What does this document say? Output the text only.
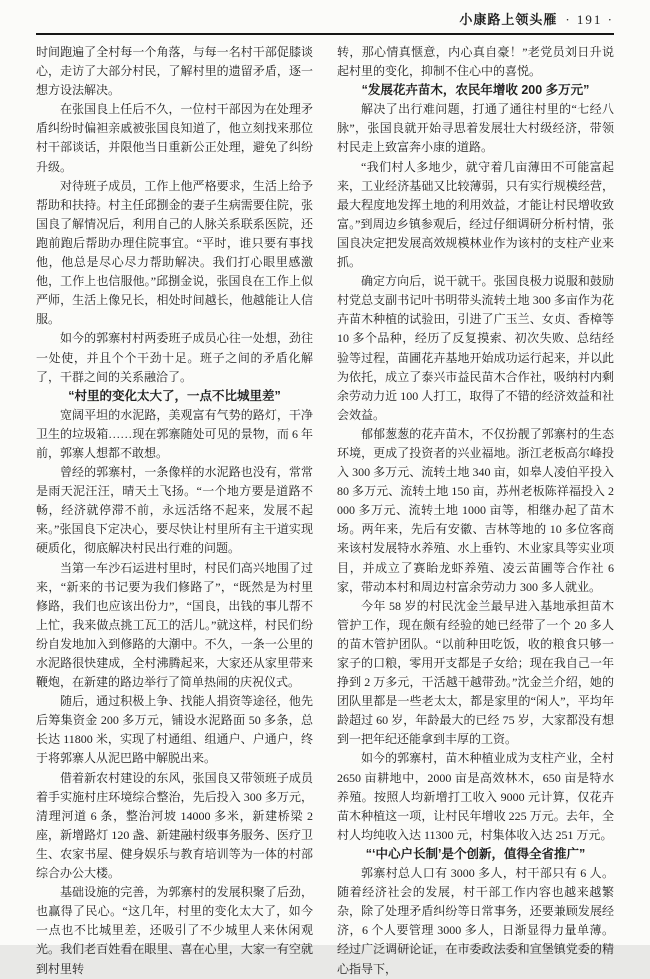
小康路上领头雁 · 191 ·

时间跑遍了全村每一个角落，与每一名村干部促膝谈心，走访了大部分村民，了解村里的遗留矛盾，逐一想方设法解决。

在张国良上任后不久，一位村干部因为在处理矛盾纠纷时偏袒亲戚被张国良知道了，他立刻找来那位村干部谈话，并限他当日重新公正处理，避免了纠纷升级。

对待班子成员，工作上他严格要求，生活上给予帮助和扶持。村主任邱捌金的妻子生病需要住院，张国良了解情况后，利用自己的人脉关系联系医院，还跑前跑后帮助办理住院事宜。“平时，谁只要有事找他，他总是尽心尽力帮助解决。我们打心眼里感激他，工作上也信服他。”邱捌金说，张国良在工作上似严师，生活上像兄长，相处时间越长，他越能让人信服。

如今的郭寨村村两委班子成员心往一处想，劲往一处使，并且个个干劲十足。班子之间的矛盾化解了，干群之间的关系融洽了。

“村里的变化太大了，一点不比城里差”

宽阔平坦的水泥路，美观富有气势的路灯，干净卫生的垃圾箱……现在郭寨随处可见的景物，而 6 年前，郭寨人想都不敢想。

曾经的郭寨村，一条像样的水泥路也没有，常常是雨天泥汪汪，晴天土飞扬。“一个地方要是道路不畅，经济就停滞不前，永远活络不起来，发展不起来。”张国良下定决心，要尽快让村里所有主干道实现硬质化，彻底解决村民出行难的问题。

当第一车沙石运进村里时，村民们高兴地围了过来，“新来的书记要为我们修路了”，“既然是为村里修路，我们也应该出份力”，“国良，出钱的事儿帮不上忙，我来做点挑工瓦工的活儿。”就这样，村民们纷纷自发地加入到修路的大潮中。不久，一条一公里的水泥路很快建成，全村沸腾起来，大家还从家里带来鞭炮，在新建的路边举行了简单热闹的庆祝仪式。

随后，通过积极上争、找能人捐资等途径，他先后筹集资金 200 多万元，铺设水泥路面 50 多条，总长达 11800 米，实现了村通组、组通户、户通户，终于将郭寨人从泥巴路中解脱出来。

借着新农村建设的东风，张国良又带领班子成员着手实施村庄环境综合整治，先后投入 300 多万元，清理河道 6 条，整治河坡 14000 多米，新建桥梁 2 座，新增路灯 120 盏、新建融村级事务服务、医疗卫生、农家书屋、健身娱乐与教育培训等为一体的村部综合办公大楼。

基础设施的完善，为郭寨村的发展积聚了后劲，也赢得了民心。“这几年，村里的变化太大了，如今一点也不比城里差，还吸引了不少城里人来休闲观光。我们老百姓看在眼里、喜在心里，大家一有空就到村里转

转，那心情真惬意，内心真自豪！”老党员刘日升说起村里的变化，抑制不住心中的喜悦。

“发展花卉苗木，农民年增收 200 多万元”

解决了出行难问题，打通了通往村里的“七经八脉”，张国良就开始寻思着发展壮大村级经济，带领村民走上致富奔小康的道路。

“我们村人多地少，就守着几亩薄田不可能富起来，工业经济基础又比较薄弱，只有实行规模经营，最大程度地发挥土地的利用效益，才能让村民增收致富。”到周边乡镇参观后，经过仔细调研分析村情，张国良决定把发展高效规模林业作为该村的支柱产业来抓。

确定方向后，说干就干。张国良极力说服和鼓励村党总支副书记叶书明带头流转土地 300 多亩作为花卉苗木种植的试验田，引进了广玉兰、女贞、香樟等 10 多个品种，经历了反复摸索、初次失败、总结经验等过程，苗圃花卉基地开始成功运行起来，并以此为依托，成立了泰兴市益民苗木合作社，吸纳村内剩余劳动力近 100 人打工，取得了不错的经济效益和社会效益。

郁郁葱葱的花卉苗木，不仅扮靓了郭寨村的生态环境，更成了投资者的兴业福地。浙江老板高尔峰投入 300 多万元、流转土地 340 亩，如皋人凌伯平投入 80 多万元、流转土地 150 亩，苏州老板陈祥福投入 2000 多万元、流转土地 1000 亩等，相继办起了苗木场。两年来，先后有安徽、吉林等地的 10 多位客商来该村发展特水养殖、水上垂钓、木业家具等实业项目，并成立了赛眙龙虾养殖、凌云苗圃等合作社 6 家，带动本村和周边村富余劳动力 300 多人就业。

今年 58 岁的村民沈金兰最早进入基地承担苗木管护工作，现在颇有经验的她已经带了一个 20 多人的苗木管护团队。“以前种田吃饭，收的粮食只够一家子的口粮，零用开支都是子女给；现在我自己一年挣到 2 万多元，干活越干越带劲。”沈金兰介绍，她的团队里都是一些老太太，都是家里的“闲人”，平均年龄超过 60 岁，年龄最大的已经 75 岁，大家都没有想到一把年纪还能拿到丰厚的工资。

如今的郭寨村，苗木种植业成为支柱产业，全村 2650 亩耕地中，2000 亩是高效林木，650 亩是特水养殖。按照人均新增打工收入 9000 元计算，仅花卉苗木种植这一项，让村民年增收 225 万元。去年，全村人均纯收入达 11300 元，村集体收入达 251 万元。

“‘中心户长制’是个创新，值得全省推广”

郭寨村总人口有 3000 多人，村干部只有 6 人。随着经济社会的发展，村干部工作内容也越来越繁杂，除了处理矛盾纠纷等日常事务，还要兼顾发展经济，6 个人要管理 3000 多人，日渐显得力量单薄。经过广泛调研论证，在市委政法委和宣堡镇党委的精心指导下，
